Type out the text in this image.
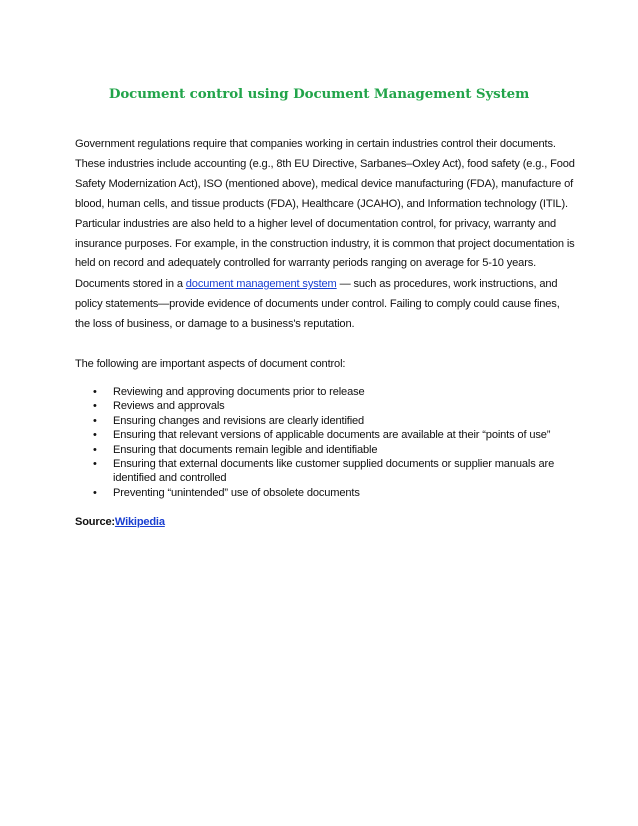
Document control using Document Management System

Government regulations require that companies working in certain industries control their documents. These industries include accounting (e.g., 8th EU Directive, Sarbanes–Oxley Act), food safety (e.g., Food Safety Modernization Act), ISO (mentioned above), medical device manufacturing (FDA), manufacture of blood, human cells, and tissue products (FDA), Healthcare (JCAHO), and Information technology (ITIL). Particular industries are also held to a higher level of documentation control, for privacy, warranty and insurance purposes. For example, in the construction industry, it is common that project documentation is held on record and adequately controlled for warranty periods ranging on average for 5-10 years.

Documents stored in a document management system — such as procedures, work instructions, and policy statements—provide evidence of documents under control. Failing to comply could cause fines, the loss of business, or damage to a business's reputation.

The following are important aspects of document control:

• Reviewing and approving documents prior to release
• Reviews and approvals
• Ensuring changes and revisions are clearly identified
• Ensuring that relevant versions of applicable documents are available at their “points of use”
• Ensuring that documents remain legible and identifiable
• Ensuring that external documents like customer supplied documents or supplier manuals are identified and controlled
• Preventing “unintended” use of obsolete documents
Source:Wikipedia
